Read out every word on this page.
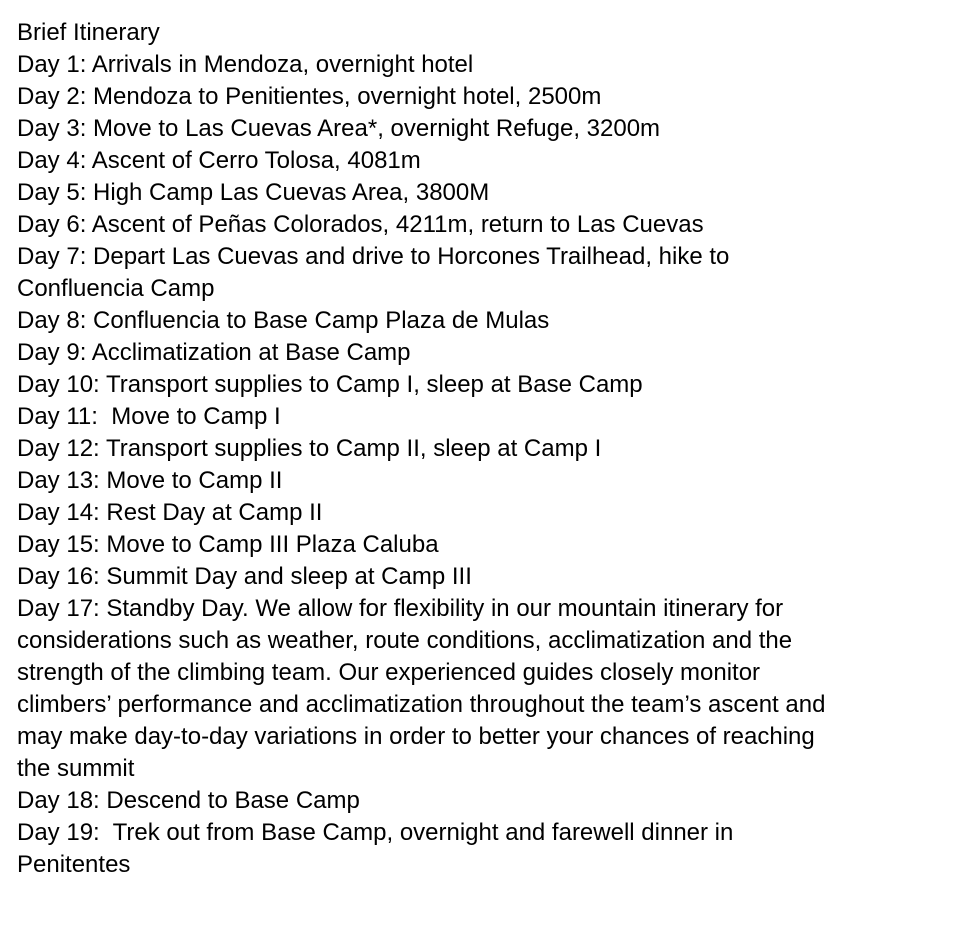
Brief Itinerary
Day 1: Arrivals in Mendoza, overnight hotel
Day 2: Mendoza to Penitientes, overnight hotel, 2500m
Day 3: Move to Las Cuevas Area*, overnight Refuge, 3200m
Day 4: Ascent of Cerro Tolosa, 4081m
Day 5: High Camp Las Cuevas Area, 3800M
Day 6: Ascent of Peñas Colorados, 4211m, return to Las Cuevas
Day 7: Depart Las Cuevas and drive to Horcones Trailhead, hike to
Confluencia Camp
Day 8: Confluencia to Base Camp Plaza de Mulas
Day 9: Acclimatization at Base Camp
Day 10: Transport supplies to Camp I, sleep at Base Camp
Day 11:  Move to Camp I
Day 12: Transport supplies to Camp II, sleep at Camp I
Day 13: Move to Camp II
Day 14: Rest Day at Camp II
Day 15: Move to Camp III Plaza Caluba
Day 16: Summit Day and sleep at Camp III
Day 17: Standby Day. We allow for flexibility in our mountain itinerary for
considerations such as weather, route conditions, acclimatization and the
strength of the climbing team. Our experienced guides closely monitor
climbers’ performance and acclimatization throughout the team’s ascent and
may make day-to-day variations in order to better your chances of reaching
the summit
Day 18: Descend to Base Camp
Day 19:  Trek out from Base Camp, overnight and farewell dinner in
Penitentes
